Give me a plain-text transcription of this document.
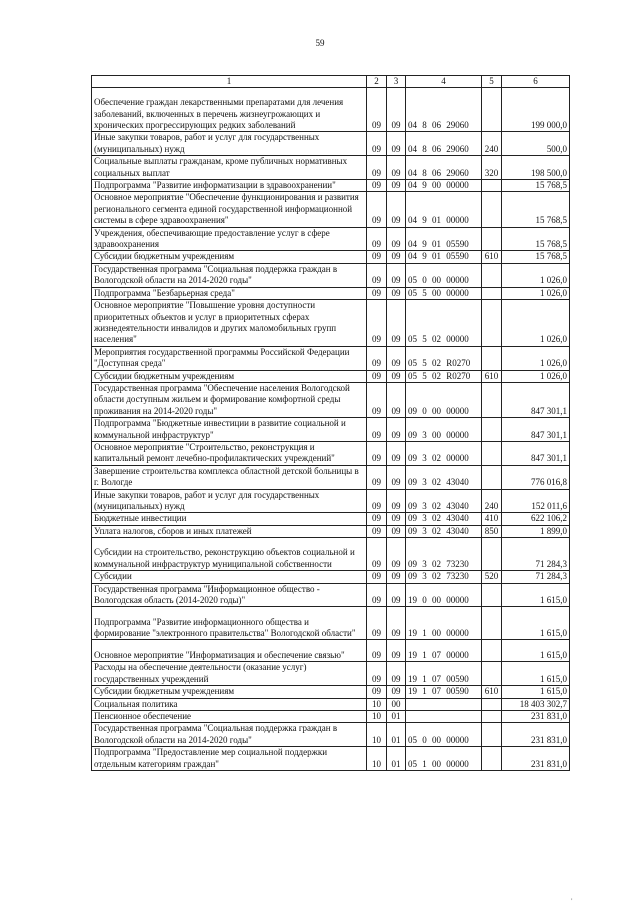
59
1	2	3	4	5	6
Обеспечение граждан лекарственными препаратами для лечения заболеваний, включенных в перечень жизнеугрожающих и хронических прогрессирующих редких заболеваний	09	09	04 8 06 29060		199 000,0
Иные закупки товаров, работ и услуг для государственных (муниципальных) нужд	09	09	04 8 06 29060	240	500,0
Социальные выплаты гражданам, кроме публичных нормативных социальных выплат	09	09	04 8 06 29060	320	198 500,0
Подпрограмма "Развитие информатизации в здравоохранении"	09	09	04 9 00 00000		15 768,5
Основное мероприятие "Обеспечение функционирования и развития регионального сегмента единой государственной информационной системы в сфере здравоохранения"	09	09	04 9 01 00000		15 768,5
Учреждения, обеспечивающие предоставление услуг в сфере здравоохранения	09	09	04 9 01 05590		15 768,5
Субсидии бюджетным учреждениям	09	09	04 9 01 05590	610	15 768,5
Государственная программа "Социальная поддержка граждан в Вологодской области на 2014-2020 годы"	09	09	05 0 00 00000		1 026,0
Подпрограмма "Безбарьерная среда"	09	09	05 5 00 00000		1 026,0
Основное мероприятие "Повышение уровня доступности приоритетных объектов и услуг в приоритетных сферах жизнедеятельности инвалидов и других маломобильных групп населения"	09	09	05 5 02 00000		1 026,0
Мероприятия государственной программы Российской Федерации "Доступная среда"	09	09	05 5 02 R0270		1 026,0
Субсидии бюджетным учреждениям	09	09	05 5 02 R0270	610	1 026,0
Государственная программа "Обеспечение населения Вологодской области доступным жильем и формирование комфортной среды проживания на 2014-2020 годы"	09	09	09 0 00 00000		847 301,1
Подпрограмма "Бюджетные инвестиции в развитие социальной и коммунальной инфраструктур"	09	09	09 3 00 00000		847 301,1
Основное мероприятие "Строительство, реконструкция и капитальный ремонт лечебно-профилактических учреждений"	09	09	09 3 02 00000		847 301,1
Завершение строительства комплекса областной детской больницы в г. Вологде	09	09	09 3 02 43040		776 016,8
Иные закупки товаров, работ и услуг для государственных (муниципальных) нужд	09	09	09 3 02 43040	240	152 011,6
Бюджетные инвестиции	09	09	09 3 02 43040	410	622 106,2
Уплата налогов, сборов и иных платежей	09	09	09 3 02 43040	850	1 899,0
Субсидии на строительство, реконструкцию объектов социальной и коммунальной инфраструктур муниципальной собственности	09	09	09 3 02 73230		71 284,3
Субсидии	09	09	09 3 02 73230	520	71 284,3
Государственная программа "Информационное общество - Вологодская область (2014-2020 годы)"	09	09	19 0 00 00000		1 615,0
Подпрограмма "Развитие информационного общества и формирование "электронного правительства" Вологодской области"	09	09	19 1 00 00000		1 615,0
Основное мероприятие "Информатизация и обеспечение связью"	09	09	19 1 07 00000		1 615,0
Расходы на обеспечение деятельности (оказание услуг) государственных учреждений	09	09	19 1 07 00590		1 615,0
Субсидии бюджетным учреждениям	09	09	19 1 07 00590	610	1 615,0
Социальная политика	10	00			18 403 302,7
Пенсионное обеспечение	10	01			231 831,0
Государственная программа "Социальная поддержка граждан в Вологодской области на 2014-2020 годы"	10	01	05 0 00 00000		231 831,0
Подпрограмма "Предоставление мер социальной поддержки отдельным категориям граждан"	10	01	05 1 00 00000		231 831,0
,
